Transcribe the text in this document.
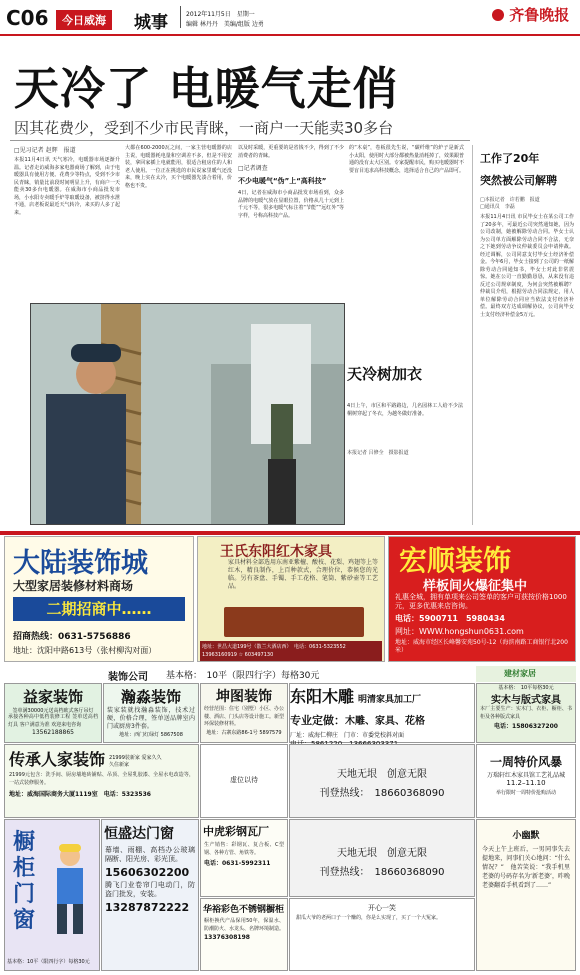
C06	今日威海	城事	2012年11月5日　星期一
编辑 林丹丹　美编/组版 边勇
齐鲁晚报
天冷了 电暖气走俏
因其花费少，受到不少市民青睐，一商户一天能卖30多台
□见习记者 赵辉　报道
本报11月4日讯 天气寒冷，电暖器市场逐渐升温。记者走访威海多家电器商场了解到，由于电暖器具有使用方便、花费少等特点，受到不少市民青睐，销量比前段时间明显上升，有商户一天能卖30多台电暖器。在威海市小商品批发市场，小水阳专卖暖手炉等取暖设备，被挤得水泄不通，店老板说最近天气转冷，来买的人多了起来。
大都在600-2000瓦之间，一家主营电暖器的店主说，电暖器耗电量和空调差不多，但是不用安装，拿回家插上电就能用，很适合租房住的人和老人使用。一位正在挑选的市民说家里暖气还没来，晚上实在太冷，买个电暖器先凑合着用，价格也不贵。
以及时采暖，更重要的是省钱不少，得到了不少消费者的青睐。
□记者调查
不少电暖气“伪”上“高科技”
4日，记者在威海市小商品批发市场看到，众多品牌的电暖气放在显眼位置，价格从几十元到上千元不等，很多电暖气标注着“节能”“远红外”等字样，号称高科技产品。
的“木桌”，卷板很先生说，“碳纤维”的炉子是新式小太阳，使用时大部分都被热量消耗掉了，效果跟普通的没有太大区别。专家提醒市民，购买电暖器时不要盲目追求高科技概念，选择适合自己的产品即可。
天冷树加衣
4日上午，市区和平路路边，几名园林工人给不少法桐树穿起了冬衣，为越冬做好准备。
本报记者 吕修全　摄影报道
工作了20年
突然被公司解聘
□本报记者　许若鹏　报道
□通讯员　李磊
本报11月4日讯 市民毕女士在某公司工作了20多年，可最近公司突然通知她，因为公司改制，她被解除劳动合同。毕女士认为公司单方面解除劳动合同不合法，无奈之下她到劳动争议仲裁委员会申请仲裁。经过调解，公司同意支付毕女士经济补偿金。今年6月，毕女士接到了公司的一纸解除劳动合同通知书，毕女士对此非常震惊。她在公司一直勤勤恳恳，从来没有违反过公司规章制度，为何会突然被解聘？仲裁员介绍，根据劳动合同法规定，用人单位解除劳动合同应当依法支付经济补偿。最终双方达成调解协议，公司向毕女士支付经济补偿金5万元。
大陆装饰城
大型家居装修材料商场
二期招商中……
招商热线：0631-5756886
地址：沈阳中路613号（张村柳沟对面）
王氏东阳红木家具
家具材料全部选用东南亚紫檀、酸枝、花梨、鸡翅等上等红木，精良制作，上百种款式，合理价位，恭候您的光临。另有茶盘、手镯、手工花格、笔筒、紫砂壶等工艺品。
地址：世昌大道199号（散兰大酒店西）　电话：0631-5323552 13963160919 ☆ 603497130
宏顺装饰
样板间火爆征集中
礼惠全城，拥有单项来公司签单的客户可获按价格1000元，更多优惠来店咨询。
电话：5900711　5980434
网址：WWW.hongshun0631.com
地址：威海市经区长峰馨安苑50号-12（海滨南路工商银行北200米）
装饰公司 基本格：　10平（限四行字）每格30元	建材家居
益家装饰
签单满30000元送高档欧式客厅吊灯
承接各种高中低档装修工程 签单送高档灯具 客户满意为准 欢迎来电咨询
13562188865
瀚淼装饰
装家装就找瀚淼装饰，技术过硬，价格合理，签单送品牌室内门或厨房3件套。
地址：西门红绿灯 5867508
坤图装饰
经营范围：住宅（别墅）小区、办公楼、酒店、门头店等设计施工。新型环保装修材料。
地址：古寨东路86-1号 5897579
东阳木雕 明清家具加工厂
专业定做：木雕、家具、花格
厂址：威海仁柳庄　门市：市委党校斜对面
基本格：　10平每格30元
实木与版式家具
本厂主要生产：实木门、衣柜、橱柜、书柜及各种版式家具
电话：15806327200
传承人家装饰 21999装新家 爱家久久久住新家
21999元包含：洗手间、厨房墙地砖铺贴、吊顶、全屋乳胶漆、全屋水电改造等，一站式装修服务。
地址：威海国际商务大厦1119室　电话：5323536
虚位以待	天地无垠　创意无限
刊登热线：　18660368090
一周特价风暴
万瑞轩红木家具馆工艺礼品城
11.2–11.10
举行限时一周特价抢购活动
橱柜门窗
基本格：10平（限四行字）每格30元
恒盛达门窗
幕墙、雨棚、高档办公玻璃隔断、阳光房、彩光顶。
15606302200
腾飞门业卷帘门电动门，防盗门批发，安装。
13287872222
中虎彩钢瓦厂
生产销售：彩钢瓦、复合板、C型钢、各种方管、角铁等。
电话：0631-5992311
华裕彩色不锈钢橱柜
橱柜换代产品保用50年，保温水、防潮防火、水龙头、名牌环境制造。
13376308198
天地无垠　创意无限
刊登热线：　18660368090
开心一笑
甜瓜大爷的老两口子一个赚的，你是么实现了，买了一个大冤家。
小幽默
今天上午上班后，一男同事失去提地来，问事们关心地问：“什么情况？”　他苦笑说：“我手机里老婆的号码存名为‘新老婆’，昨晚老婆翻看手机看到了……”
